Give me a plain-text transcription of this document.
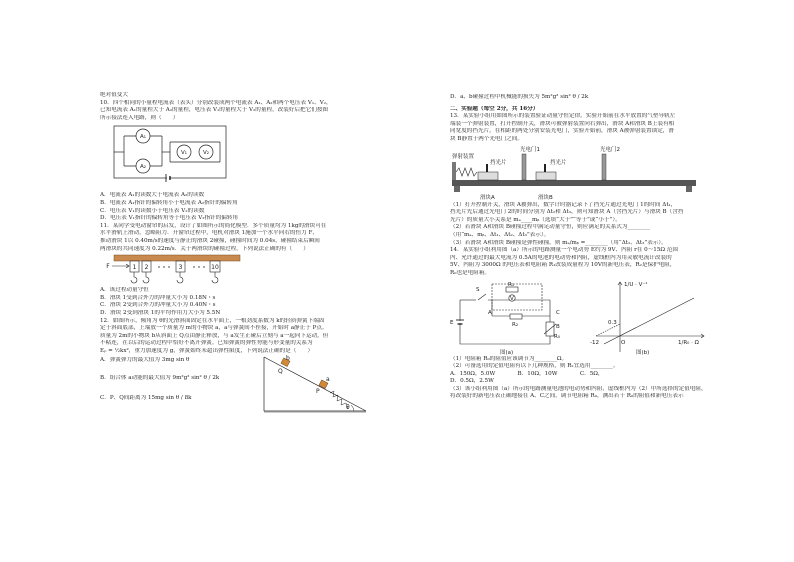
绝对值变大
10．四个相同的小量程电流表（表头）分别改装成两个电流表 A₁、A₂和两个电压表 V₁、V₂，
已知电流表 A₁的量程大于 A₂的量程，电压表 V₁的量程大于 V₂的量程，改装好后把它们按图
所示接法连入电路，则（　　）
A₁
A₂
V₁	V₂
A．电流表 A₁的读数大于电流表 A₂的读数
B．电流表 A₁指针的偏转角小于电流表 A₂指针的偏转角
C．电压表 V₁的读数小于电压表 V₂的读数
D．电压表 V₁指针的偏转角等于电压表 V₂指针的偏转角
11．某同学受电动窗帘的启发，设计了如图所示的简化模型．多个质量均为 1kg的滑块可在
水平滑轨上滑动，忽略阻力．开窗帘过程中，电机对滑块 1施加一个水平向右的恒力 F，
推动滑块 1以 0.40m/s的速度与静止的滑块 2碰撞，碰撞时间为 0.04s，碰撞结束后瞬间
两滑块的共同速度为 0.22m/s．关于两滑块的碰撞过程，下列说法正确的有（　　）
F	1 2	3	10
A．该过程动量守恒
B．滑块 1受到合外力的冲量大小为 0.18N・s
C．滑块 2受到合外力的冲量大小为 0.40N・s
D．滑块 2受到滑块 1的平均作用力大小为 5.5N
12．如图所示，倾角为 θ的光滑斜面固定在水平面上，一根劲度系数为 k的轻质弹簧下端固
定于斜面底部，上端放一个质量为 m的小物块 a，a与弹簧间不拴接，开始时 a静止于 P点。
质量为 2m的小物块 b从斜面上 Q点由静止释放，与 a发生正碰后立刻与 a一起向下运动，但
不粘连，在以后的运动过程中恰好不离开弹簧。已知弹簧的弹性势能与形变量的关系为
Eₚ = ½kx²，重力加速度为 g，弹簧始终未超出弹性限度，下列说法正确的是（　　）
A．弹簧弹力的最大值为 3mg sin θ
B．组合体 a动能的最大值为 9m²g² sin² θ / 2k
C．P、Q间距离为 15mg sin θ / 8k
Q
P
b
a
θ
D．a、b碰撞过程中机械能的损失为 5m²g² sin² θ / 2k
二、实验题（每空 2分，共 16分）
13．某实验小组用如图所示的装置验证动量守恒定律。实验开始前在水平放置的气垫导轨左
端装一个弹射装置，打开控制开关，滑块可被弹射装置向右弹出，滑块 A和滑块 B上装有相
同宽度的挡光片，在相距的两处分别安装光电门，实验开始前，滑块 A被弹射装置锁定，滑
块 B静置于两个光电门之间。
弹射装置
光电门1	光电门2
挡光片	挡光片
滑块A	滑块B
（1）打开控制开关，滑块 A被弹出，数字计时器记录下了挡光片通过光电门 1的时间 Δt₁，
挡光片先后通过光电门 2的时间分别为 Δt₂和 Δt₃，则可知滑块 A（含挡光片）与滑块 B（含挡
光片）的质量大小关系是 mₐ____mᵦ（选填“大于”“等于”或“小于”）。
（2）若滑块 A和滑块 B碰撞过程中满足动量守恒，则应满足的关系式为________
（用“mₐ、mᵦ、Δt₁、Δt₂、Δt₃”表示）。
（3）若滑块 A和滑块 B碰撞是弹性碰撞，则 mₐ/mᵦ =________（用“Δt₂、Δt₃”表示）。
14．某实验小组利用图（a）所示的电路测量一个电动势 E约为 9V、内阻 r在 0～15Ω 范围
内、允许通过的最大电流为 0.5A的电池的电动势和内阻，虚线框内为用灵敏电流计改装的
5V、内阻为 3000Ω 的电压表和电阻箱 R₁改装成量程为 10V的新电压表，R₂是保护电阻，
R₀也是电阻箱。
S
R₁
V
R₂
A	C
B
E
R₀
图(a)
1/U · V⁻¹
1/R₀ · Ω
O
0.3
-12
图(b)
（1）电阻箱 R₀的阻值应该调节为________Ω。
（2）可备选用的定值电阻有以下几种规格，则 R₂宜选用________。
A．150Ω，5.0W　　　　B．10Ω，10W　　　　C．5Ω，
D．0.5Ω，2.5W
（3）该小组利用图（a）所示的电路测量电池的电动势和内阻，虚线框内为（2）中所选择的定值电阻，
将改装好的新电压表正确地接在 A、C之间。调节电阻箱 R₀，测出若干 R₀的阻值和新电压表示
